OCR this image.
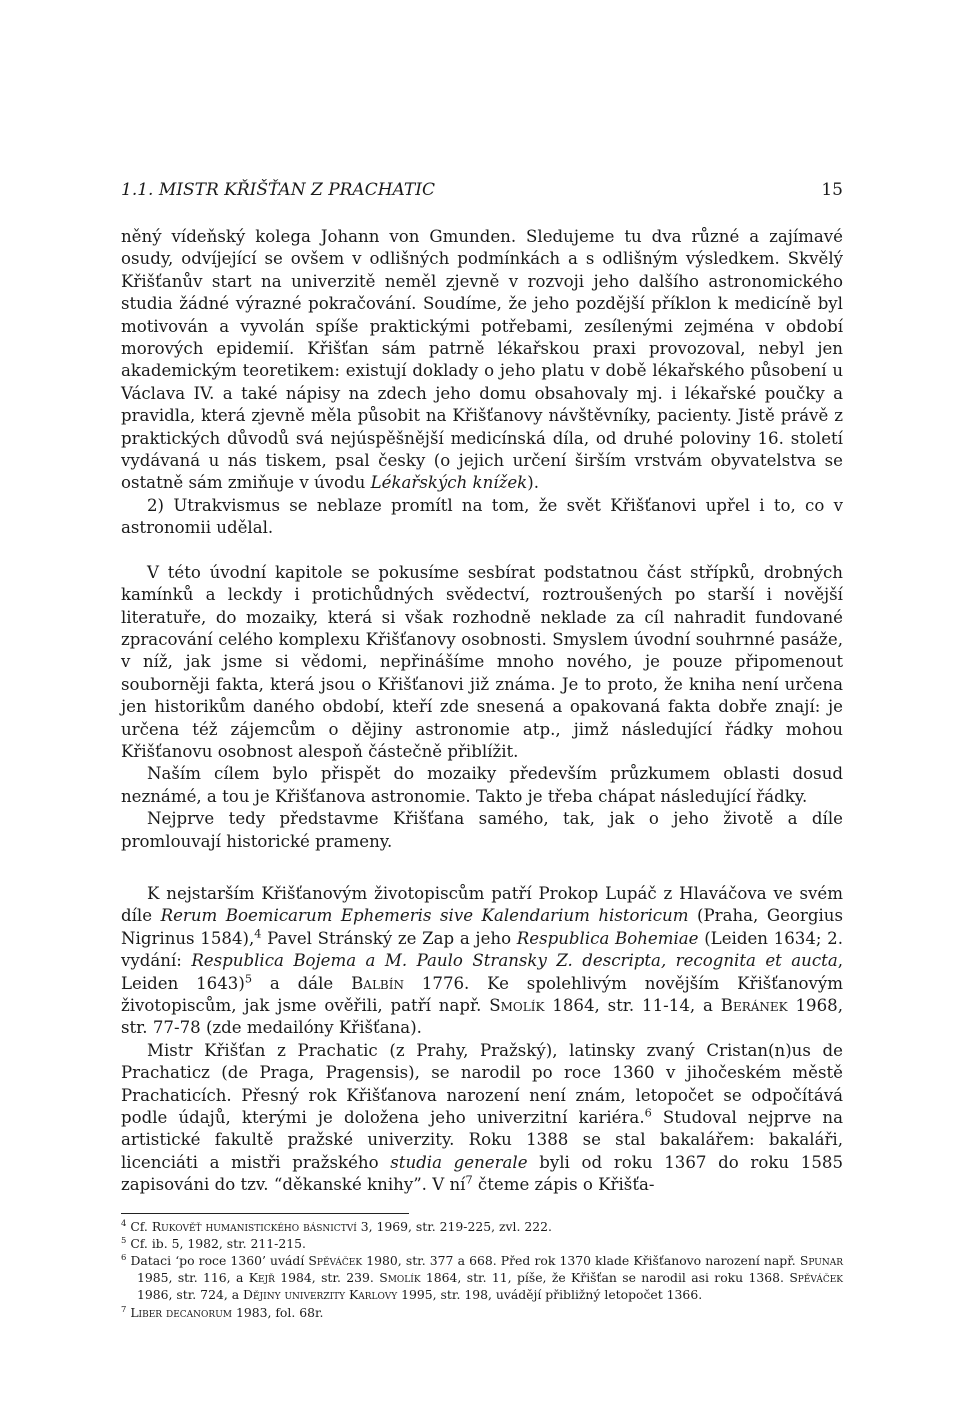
1.1. MISTR KŘIŠŤAN Z PRACHATIC	15

něný vídeňský kolega Johann von Gmunden. Sledujeme tu dva různé a zajímavé osudy, odvíjející se ovšem v odlišných podmínkách a s odlišným výsledkem. Skvělý Křišťanův start na univerzitě neměl zjevně v rozvoji jeho dalšího astronomického studia žádné výrazné pokračování. Soudíme, že jeho pozdější příklon k medicíně byl motivován a vyvolán spíše praktickými potřebami, zesílenými zejména v období morových epidemií. Křišťan sám patrně lékařskou praxi provozoval, nebyl jen akademickým teoretikem: existují doklady o jeho platu v době lékařského působení u Václava IV. a také nápisy na zdech jeho domu obsahovaly mj. i lékařské poučky a pravidla, která zjevně měla působit na Křišťanovy návštěvníky, pacienty. Jistě právě z praktických důvodů svá nejúspěšnější medicínská díla, od druhé poloviny 16. století vydávaná u nás tiskem, psal česky (o jejich určení širším vrstvám obyvatelstva se ostatně sám zmiňuje v úvodu Lékařských knížek).

2) Utrakvismus se neblaze promítl na tom, že svět Křišťanovi upřel i to, co v astronomii udělal.

V této úvodní kapitole se pokusíme sesbírat podstatnou část střípků, drobných kamínků a leckdy i protichůdných svědectví, roztroušených po starší i novější literatuře, do mozaiky, která si však rozhodně neklade za cíl nahradit fundované zpracování celého komplexu Křišťanovy osobnosti. Smyslem úvodní souhrnné pasáže, v níž, jak jsme si vědomi, nepřinášíme mnoho nového, je pouze připomenout souborněji fakta, která jsou o Křišťanovi již známa. Je to proto, že kniha není určena jen historikům daného období, kteří zde snesená a opakovaná fakta dobře znají: je určena též zájemcům o dějiny astronomie atp., jimž následující řádky mohou Křišťanovu osobnost alespoň částečně přiblížit.

Naším cílem bylo přispět do mozaiky především průzkumem oblasti dosud neznámé, a tou je Křišťanova astronomie. Takto je třeba chápat následující řádky.

Nejprve tedy představme Křišťana samého, tak, jak o jeho životě a díle promlouvají historické prameny.

K nejstarším Křišťanovým životopiscům patří Prokop Lupáč z Hlaváčova ve svém díle Rerum Boemicarum Ephemeris sive Kalendarium historicum (Praha, Georgius Nigrinus 1584),$^4$ Pavel Stránský ze Zap a jeho Respublica Bohemiae (Leiden 1634; 2. vydání: Respublica Bojema a M. Paulo Stransky Z. descripta, recognita et aucta, Leiden 1643)$^5$ a dále Balbín 1776. Ke spolehlivým novějším Křišťanovým životopiscům, jak jsme ověřili, patří např. Smolík 1864, str. 11-14, a Beránek 1968, str. 77-78 (zde medailóny Křišťana).

Mistr Křišťan z Prachatic (z Prahy, Pražský), latinsky zvaný Cristan(n)us de Prachaticz (de Praga, Pragensis), se narodil po roce 1360 v jihočeském městě Prachaticích. Přesný rok Křišťanova narození není znám, letopočet se odpočítává podle údajů, kterými je doložena jeho univerzitní kariéra.$^6$ Studoval nejprve na artistické fakultě pražské univerzity. Roku 1388 se stal bakalářem: bakaláři, licenciáti a mistři pražského studia generale byli od roku 1367 do roku 1585 zapisováni do tzv. “děkanské knihy”. V $ní^7$ čteme zápis o Křišťa-

$^4$ Cf. Rukověť humanistického básnictví 3, 1969, str. 219-225, zvl. 222.

$^5$ Cf. ib. 5, 1982, str. 211-215.

$^6$ Dataci ‘po roce 1360’ uvádí Spěváček 1980, str. 377 a 668. Před rok 1370 klade Křišťanovo narození např. Spunar 1985, str. 116, a Kejř 1984, str. 239. Smolík 1864, str. 11, píše, že Křišťan se narodil asi roku 1368. Spěváček 1986, str. 724, a Dějiny univerzity Karlovy 1995, str. 198, uvádějí přibližný letopočet 1366.

$^7$ Liber decanorum 1983, fol. 68r.
